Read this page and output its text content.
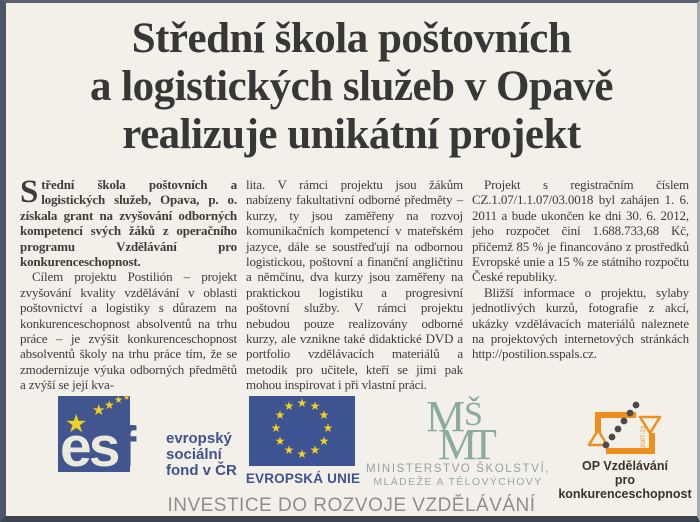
Střední škola poštovních
a logistických služeb v Opavě
realizuje unikátní projekt

Střední škola poštovních a logistických služeb, Opava, p. o. získala grant na zvyšování odborných kompetencí svých žáků z operačního programu Vzdělávání pro konkurenceschopnost.

Cílem projektu Postilión – projekt zvyšování kvality vzdělávání v oblasti poštovnictví a logistiky s důrazem na konkurenceschopnost absolventů na trhu práce – je zvýšit konkurenceschopnost absolventů školy na trhu práce tím, že se zmodernizuje výuka odborných předmětů a zvýší se její kva-

lita. V rámci projektu jsou žákům nabízeny fakultativní odborné předměty – kurzy, ty jsou zaměřeny na rozvoj komunikačních kompetencí v mateřském jazyce, dále se soustřeďují na odbornou logistickou, poštovní a finanční angličtinu a němčinu, dva kurzy jsou zaměřeny na praktickou logistiku a progresivní poštovní služby. V rámci projektu nebudou pouze realizovány odborné kurzy, ale vznikne také didaktické DVD a portfolio vzdělávacích materiálů a metodik pro učitele, kteří se jimi pak mohou inspirovat i při vlastní práci.

Projekt s registračním číslem CZ.1.07/1.1.07/03.0018 byl zahájen 1. 6. 2011 a bude ukončen ke dni 30. 6. 2012, jeho rozpočet činí 1.688.733,68 Kč, přičemž 85 % je financováno z prostředků Evropské unie a 15 % ze státního rozpočtu České republiky.

Bližší informace o projektu, sylaby jednotlivých kurzů, fotografie z akcí, ukázky vzdělávacích materiálů naleznete na projektových internetových stránkách http://postilion.sspals.cz.

★
★
★
★
★
esf evropský
sociální
fond v ČR
★
★
★
★
★
★
★
★
★
★
★
★ EVROPSKÁ UNIE
M
Š
M
T
MINISTERSTVO ŠKOLSTVÍ,
MLÁDEŽE A TĚLOVÝCHOVY
2007-13
OP Vzdělávání
pro konkurenceschopnost
INVESTICE DO ROZVOJE VZDĚLÁVÁNÍ
